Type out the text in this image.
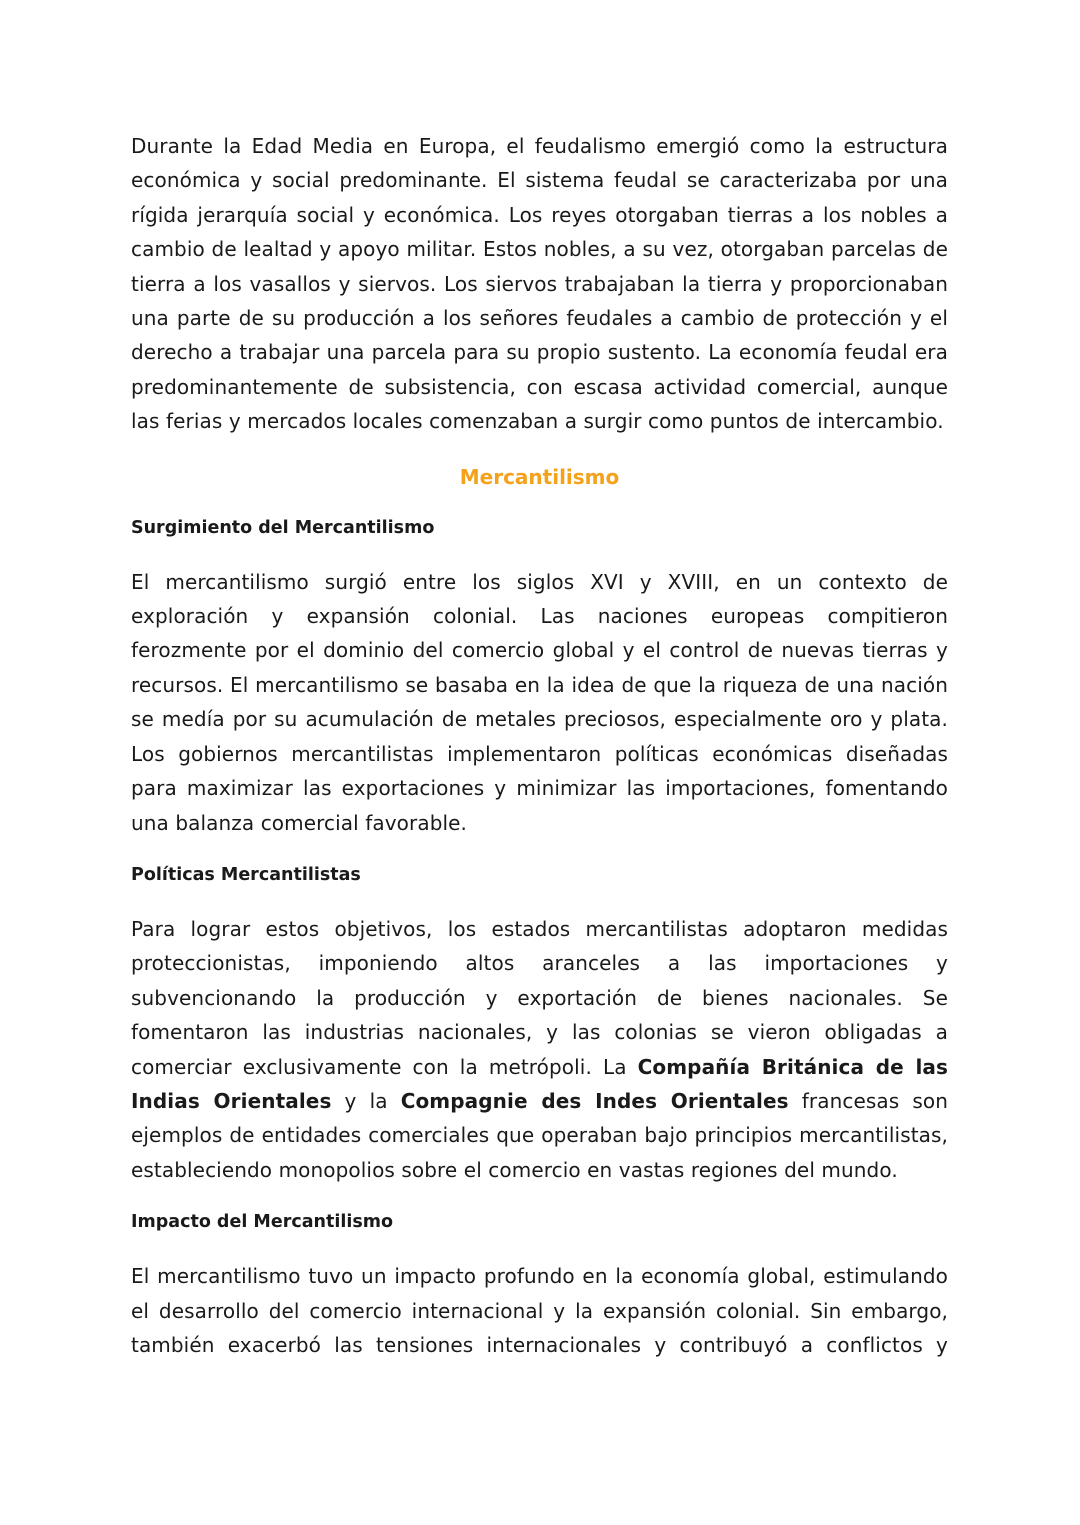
Durante la Edad Media en Europa, el feudalismo emergió como la estructura económica y social predominante. El sistema feudal se caracterizaba por una rígida jerarquía social y económica. Los reyes otorgaban tierras a los nobles a cambio de lealtad y apoyo militar. Estos nobles, a su vez, otorgaban parcelas de tierra a los vasallos y siervos. Los siervos trabajaban la tierra y proporcionaban una parte de su producción a los señores feudales a cambio de protección y el derecho a trabajar una parcela para su propio sustento. La economía feudal era predominantemente de subsistencia, con escasa actividad comercial, aunque las ferias y mercados locales comenzaban a surgir como puntos de intercambio.

Mercantilismo
Surgimiento del Mercantilismo

El mercantilismo surgió entre los siglos XVI y XVIII, en un contexto de exploración y expansión colonial. Las naciones europeas compitieron ferozmente por el dominio del comercio global y el control de nuevas tierras y recursos. El mercantilismo se basaba en la idea de que la riqueza de una nación se medía por su acumulación de metales preciosos, especialmente oro y plata. Los gobiernos mercantilistas implementaron políticas económicas diseñadas para maximizar las exportaciones y minimizar las importaciones, fomentando una balanza comercial favorable.

Políticas Mercantilistas

Para lograr estos objetivos, los estados mercantilistas adoptaron medidas proteccionistas, imponiendo altos aranceles a las importaciones y subvencionando la producción y exportación de bienes nacionales. Se fomentaron las industrias nacionales, y las colonias se vieron obligadas a comerciar exclusivamente con la metrópoli. La Compañía Británica de las Indias Orientales y la Compagnie des Indes Orientales francesas son ejemplos de entidades comerciales que operaban bajo principios mercantilistas, estableciendo monopolios sobre el comercio en vastas regiones del mundo.

Impacto del Mercantilismo

El mercantilismo tuvo un impacto profundo en la economía global, estimulando el desarrollo del comercio internacional y la expansión colonial. Sin embargo, también exacerbó las tensiones internacionales y contribuyó a conflictos y
